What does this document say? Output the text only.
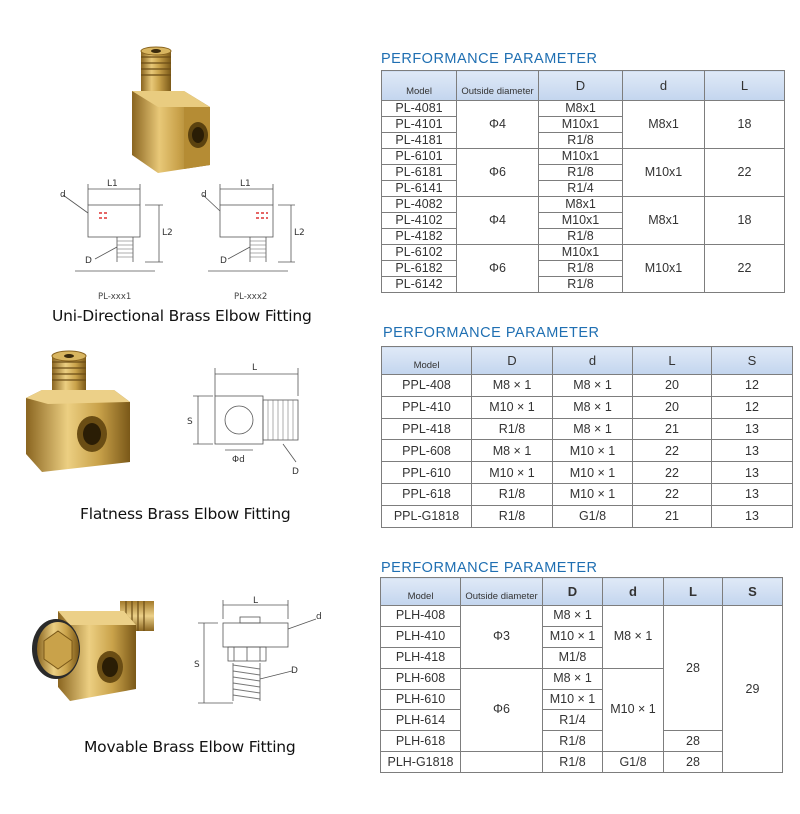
d
L1
L2
D
PL-xxx1
d
L1
L2
D
PL-xxx2
Uni-Directional Brass Elbow Fitting
PERFORMANCE PARAMETER
Model	Outside diameter	D	d	L
PL-4081	Φ4	M8x1	M8x1	18
PL-4101		M10x1		
PL-4181		R1/8		
PL-6101	Φ6	M10x1	M10x1	22
PL-6181		R1/8		
PL-6141		R1/4		
PL-4082	Φ4	M8x1	M8x1	18
PL-4102		M10x1		
PL-4182		R1/8		
PL-6102	Φ6	M10x1	M10x1	22
PL-6182		R1/8		
PL-6142		R1/8		
L
S
Φd
D
Flatness Brass Elbow Fitting
PERFORMANCE PARAMETER
Model	D	d	L	S
PPL-408	M8 × 1	M8 × 1	20	12
PPL-410	M10 × 1	M8 × 1	20	12
PPL-418	R1/8	M8 × 1	21	13
PPL-608	M8 × 1	M10 × 1	22	13
PPL-610	M10 × 1	M10 × 1	22	13
PPL-618	R1/8	M10 × 1	22	13
PPL-G1818	R1/8	G1/8	21	13
L
d
S
D
Movable Brass Elbow Fitting
PERFORMANCE PARAMETER
Model	Outside diameter	D	d	L	S
PLH-408	Φ3	M8 × 1	M8 × 1	28	29
PLH-410		M10 × 1			
PLH-418		M1/8			
PLH-608	Φ6	M8 × 1	M10 × 1		
PLH-610		M10 × 1			
PLH-614		R1/4			
PLH-618		R1/8		28	
PLH-G1818		R1/8	G1/8	28	
